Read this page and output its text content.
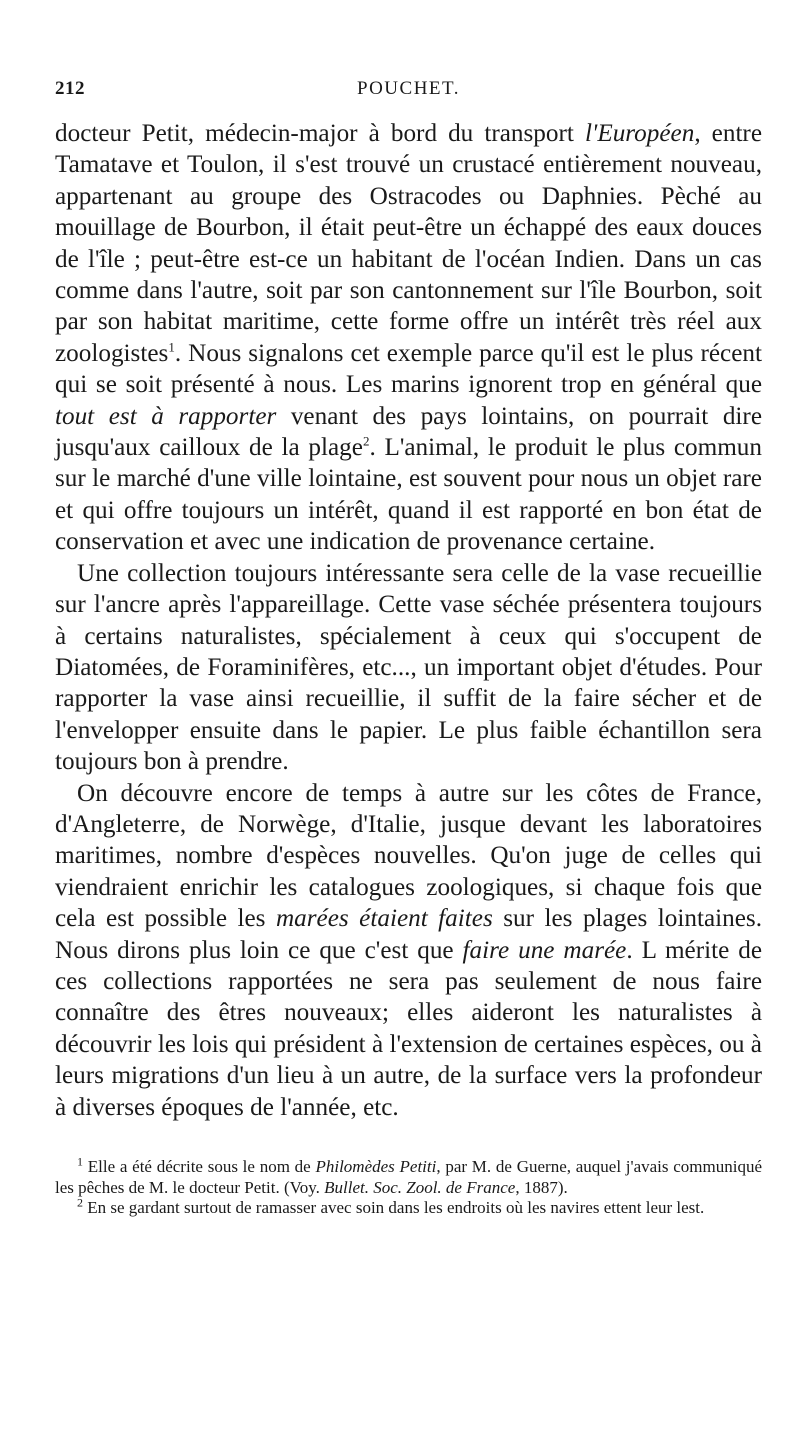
212	POUCHET.

docteur Petit, médecin-major à bord du transport l'Européen, entre Tamatave et Toulon, il s'est trouvé un crustacé entièrement nouveau, appartenant au groupe des Ostracodes ou Daphnies. Pèché au mouillage de Bourbon, il était peut-être un échappé des eaux douces de l'île ; peut-être est-ce un habitant de l'océan Indien. Dans un cas comme dans l'autre, soit par son cantonnement sur l'île Bourbon, soit par son habitat maritime, cette forme offre un intérêt très réel aux zoologistes$^1$. Nous signalons cet exemple parce qu'il est le plus récent qui se soit présenté à nous. Les marins ignorent trop en général que tout est à rapporter venant des pays lointains, on pourrait dire jusqu'aux cailloux de la plage$^2$. L'animal, le produit le plus commun sur le marché d'une ville lointaine, est souvent pour nous un objet rare et qui offre toujours un intérêt, quand il est rapporté en bon état de conservation et avec une indication de provenance certaine.

Une collection toujours intéressante sera celle de la vase recueillie sur l'ancre après l'appareillage. Cette vase séchée présentera toujours à certains naturalistes, spécialement à ceux qui s'occupent de Diatomées, de Foraminifères, etc..., un important objet d'études. Pour rapporter la vase ainsi recueillie, il suffit de la faire sécher et de l'envelopper ensuite dans le papier. Le plus faible échantillon sera toujours bon à prendre.

On découvre encore de temps à autre sur les côtes de France, d'Angleterre, de Norwège, d'Italie, jusque devant les laboratoires maritimes, nombre d'espèces nouvelles. Qu'on juge de celles qui viendraient enrichir les catalogues zoologiques, si chaque fois que cela est possible les marées étaient faites sur les plages lointaines. Nous dirons plus loin ce que c'est que faire une marée. L mérite de ces collections rapportées ne sera pas seulement de nous faire connaître des êtres nouveaux; elles aideront les naturalistes à découvrir les lois qui président à l'extension de certaines espèces, ou à leurs migrations d'un lieu à un autre, de la surface vers la profondeur à diverses époques de l'année, etc.

$^1$ Elle a été décrite sous le nom de Philomèdes Petiti, par M. de Guerne, auquel j'avais communiqué les pêches de M. le docteur Petit. (Voy. Bullet. Soc. Zool. de France, 1887).

$^2$ En se gardant surtout de ramasser avec soin dans les endroits où les navires ettent leur lest.
